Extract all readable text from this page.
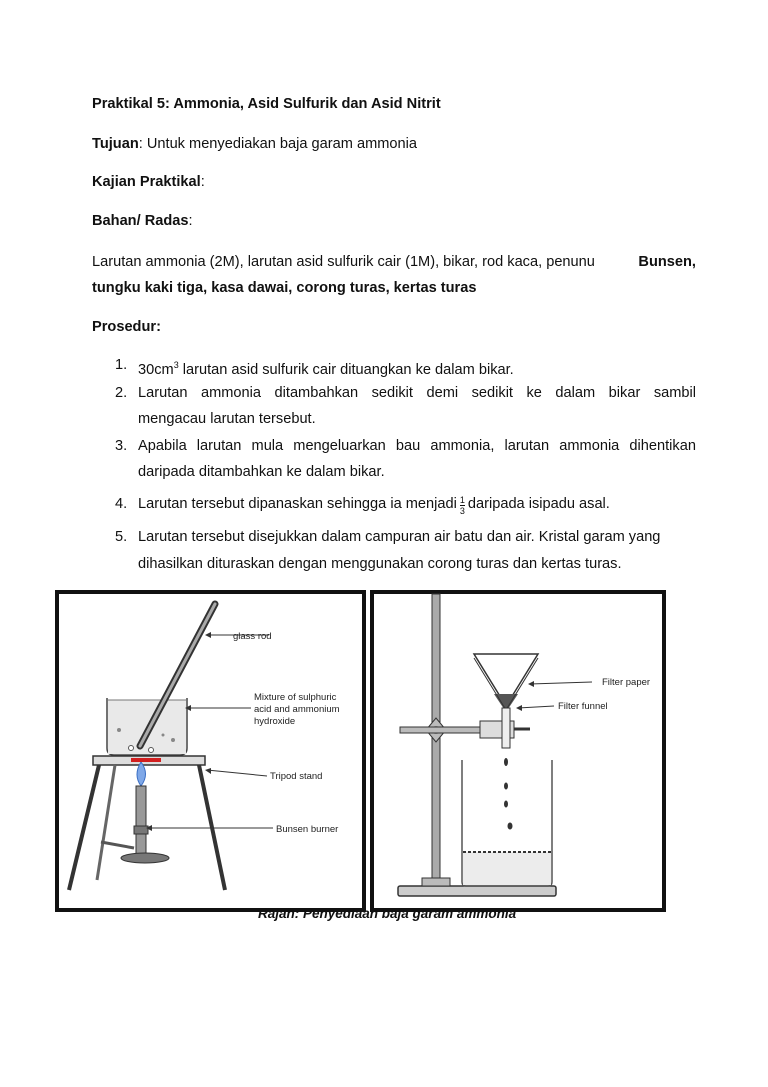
Praktikal 5: Ammonia, Asid Sulfurik dan Asid Nitrit
Tujuan: Untuk menyediakan baja garam ammonia
Kajian Praktikal:
Bahan/ Radas:
Larutan ammonia (2M), larutan asid sulfurik cair (1M), bikar, rod kaca, penunu	Bunsen,
tungku kaki tiga, kasa dawai, corong turas, kertas turas
Prosedur:
1. $30cm^3$ larutan asid sulfurik cair dituangkan ke dalam bikar.
2. Larutan ammonia ditambahkan sedikit demi sedikit ke dalam bikar sambil
mengacau larutan tersebut.
3. Apabila larutan mula mengeluarkan bau ammonia, larutan ammonia dihentikan
daripada ditambahkan ke dalam bikar.
4. Larutan tersebut dipanaskan sehingga ia menjadi $\frac{1}{3}$ daripada isipadu asal.
5. Larutan tersebut disejukkan dalam campuran air batu dan air. Kristal garam yang
dihasilkan dituraskan dengan menggunakan corong turas dan kertas turas.
glass rod
Mixture of sulphuric
acid and ammonium
hydroxide
Tripod stand
Bunsen burner
Filter paper
Filter funnel
Rajah: Penyediaan baja garam ammonia
